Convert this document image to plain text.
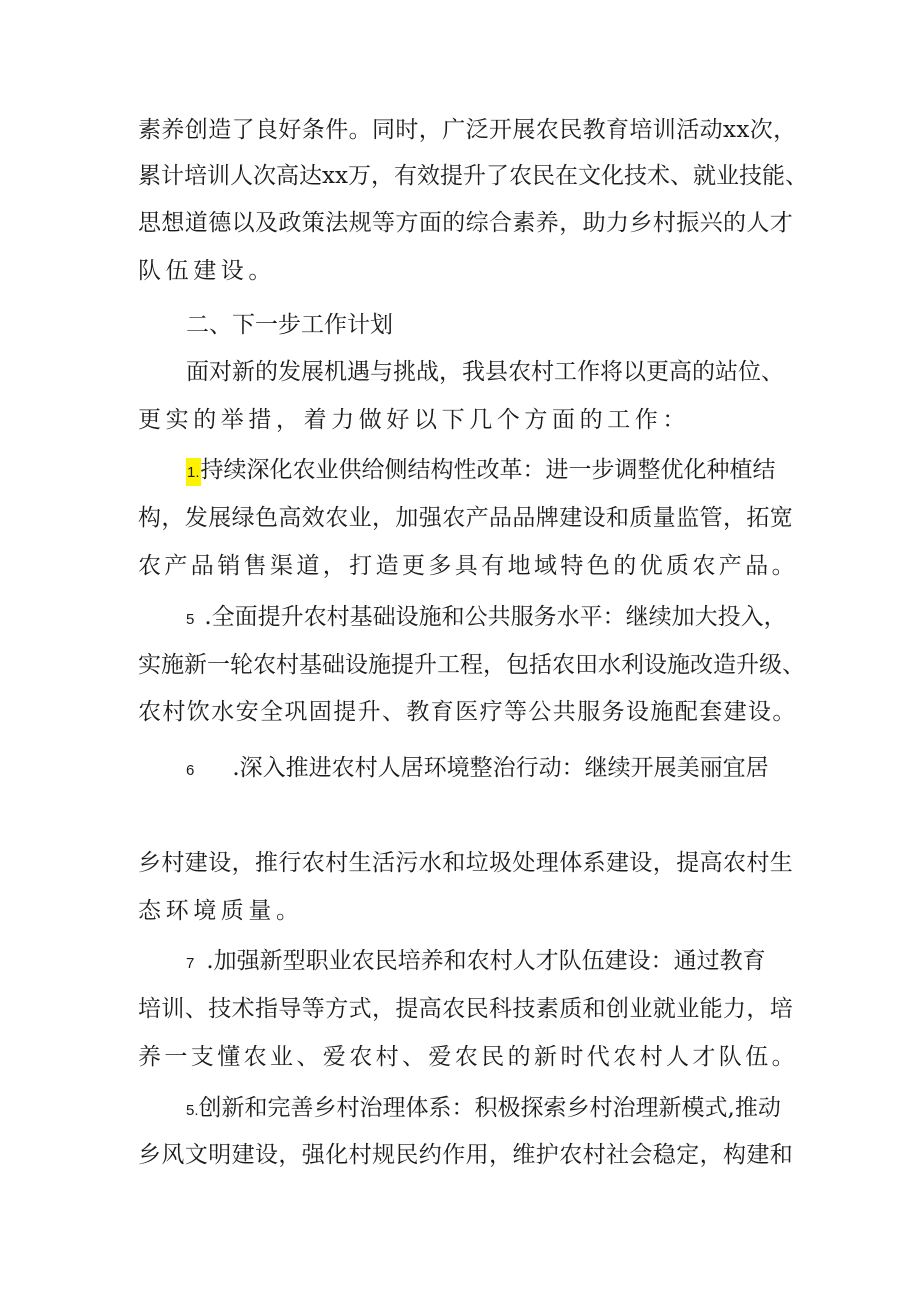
素养创造了良好条件。同时，广泛开展农民教育培训活动xx次，
累计培训人次高达xx万，有效提升了农民在文化技术、就业技能、
思想道德以及政策法规等方面的综合素养，助力乡村振兴的人才
队伍建设。
二、下一步工作计划
面对新的发展机遇与挑战，我县农村工作将以更高的站位、
更实的举措，着力做好以下几个方面的工作：
1.持续深化农业供给侧结构性改革：进一步调整优化种植结
构，发展绿色高效农业，加强农产品品牌建设和质量监管，拓宽
农产品销售渠道，打造更多具有地域特色的优质农产品。
5 .全面提升农村基础设施和公共服务水平：继续加大投入，
实施新一轮农村基础设施提升工程，包括农田水利设施改造升级、
农村饮水安全巩固提升、教育医疗等公共服务设施配套建设。
6 .深入推进农村人居环境整治行动：继续开展美丽宜居
乡村建设，推行农村生活污水和垃圾处理体系建设，提高农村生
态环境质量。
7 .加强新型职业农民培养和农村人才队伍建设：通过教育
培训、技术指导等方式，提高农民科技素质和创业就业能力，培
养一支懂农业、爱农村、爱农民的新时代农村人才队伍。
5.创新和完善乡村治理体系：积极探索乡村治理新模式,推动
乡风文明建设，强化村规民约作用，维护农村社会稳定，构建和
